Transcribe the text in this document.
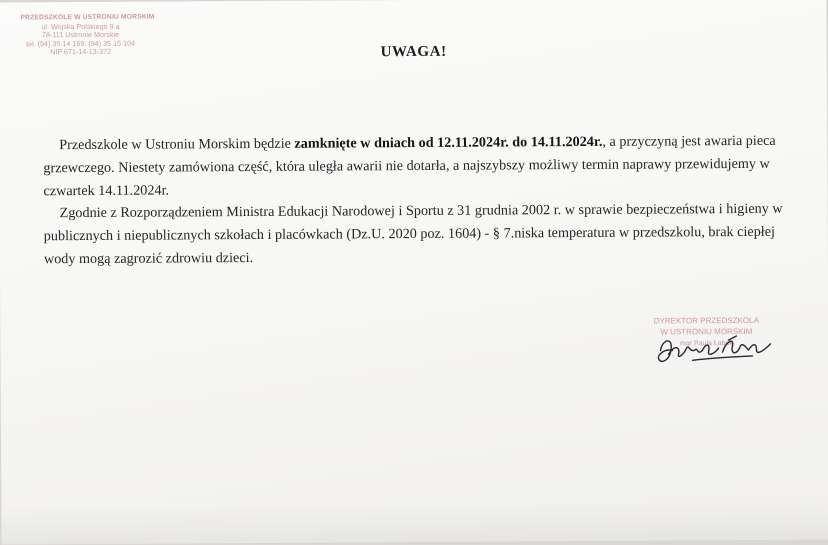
PRZEDSZKOLE W USTRONIU MORSKIM
ul. Wojska Polskiego 9 a
78-111 Ustronie Morskie
tel. (94) 35 14 169, (94) 35 15 104
NIP 671-14-13-372	UWAGA!

Przedszkole w Ustroniu Morskim będzie zamknięte w dniach od 12.11.2024r. do 14.11.2024r., a przyczyną jest awaria pieca grzewczego. Niestety zamówiona część, która uległa awarii nie dotarła, a najszybszy możliwy termin naprawy przewidujemy w czwartek 14.11.2024r.

Zgodnie z Rozporządzeniem Ministra Edukacji Narodowej i Sportu z 31 grudnia 2002 r. w sprawie bezpieczeństwa i higieny w publicznych i niepublicznych szkołach i placówkach (Dz.U. 2020 poz. 1604) - § 7.niska temperatura w przedszkolu, brak ciepłej wody mogą zagrozić zdrowiu dzieci.

DYREKTOR PRZEDSZKOLA
W USTRONIU MORSKIM
mgr Paula Łabuk
